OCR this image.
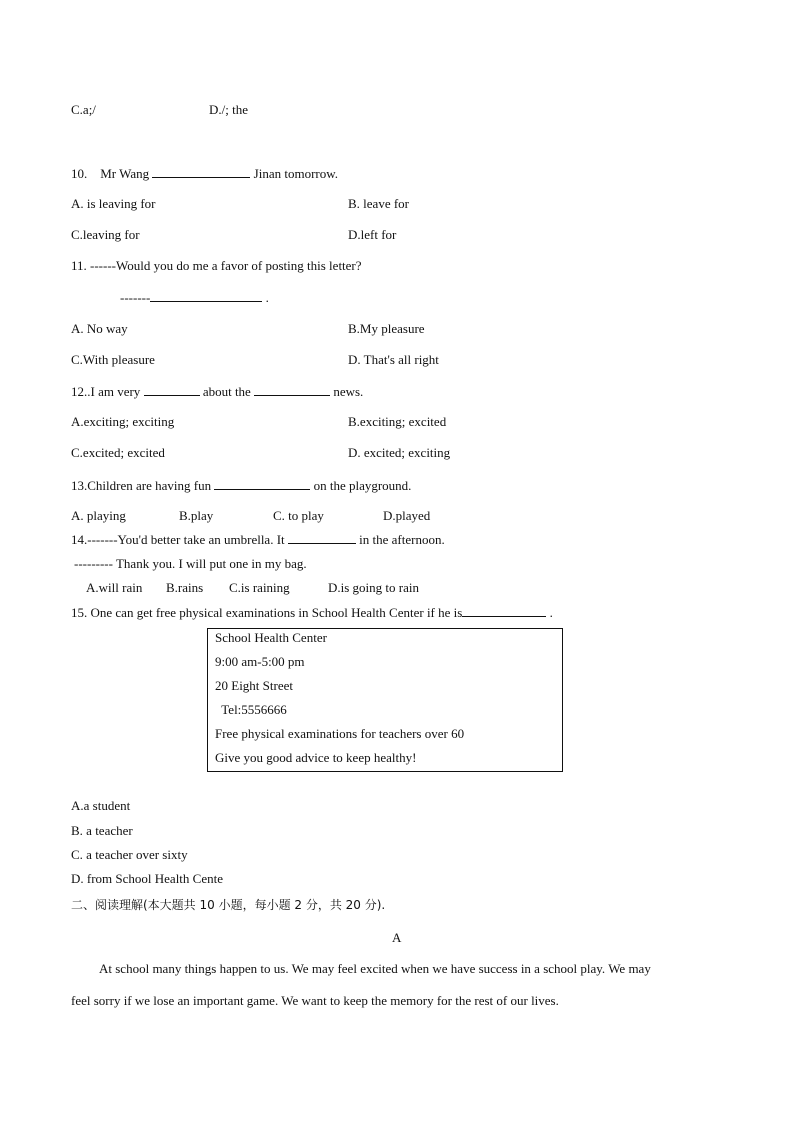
C.a;/	D./; the
10. Mr Wang	Jinan tomorrow.
A. is leaving for	B. leave for
C.leaving for	D.left for
11. ------Would you do me a favor of posting this letter?
-------	.
A. No way	B.My pleasure
C.With pleasure	D. That's all right
12..I am very	about the	news.
A.exciting; exciting	B.exciting; excited
C.excited; excited	D. excited; exciting
13.Children are having fun	on the playground.
A. playing	B.play	C. to play	D.played
14.-------You'd better take an umbrella. It	in the afternoon.
--------- Thank you. I will put one in my bag.
A.will rain B.rains C.is raining	D.is going to rain
15. One can get free physical examinations in School Health Center if he is	.
School Health Center
9:00 am-5:00 pm
20 Eight Street
Tel:5556666
Free physical examinations for teachers over 60
Give you good advice to keep healthy!
A.a student
B. a teacher
C. a teacher over sixty
D. from School Health Cente
二、阅读理解(本大题共 10 小题，每小题 2 分，共 20 分).
A
At school many things happen to us. We may feel excited when we have success in a school play. We may
feel sorry if we lose an important game. We want to keep the memory for the rest of our lives.
